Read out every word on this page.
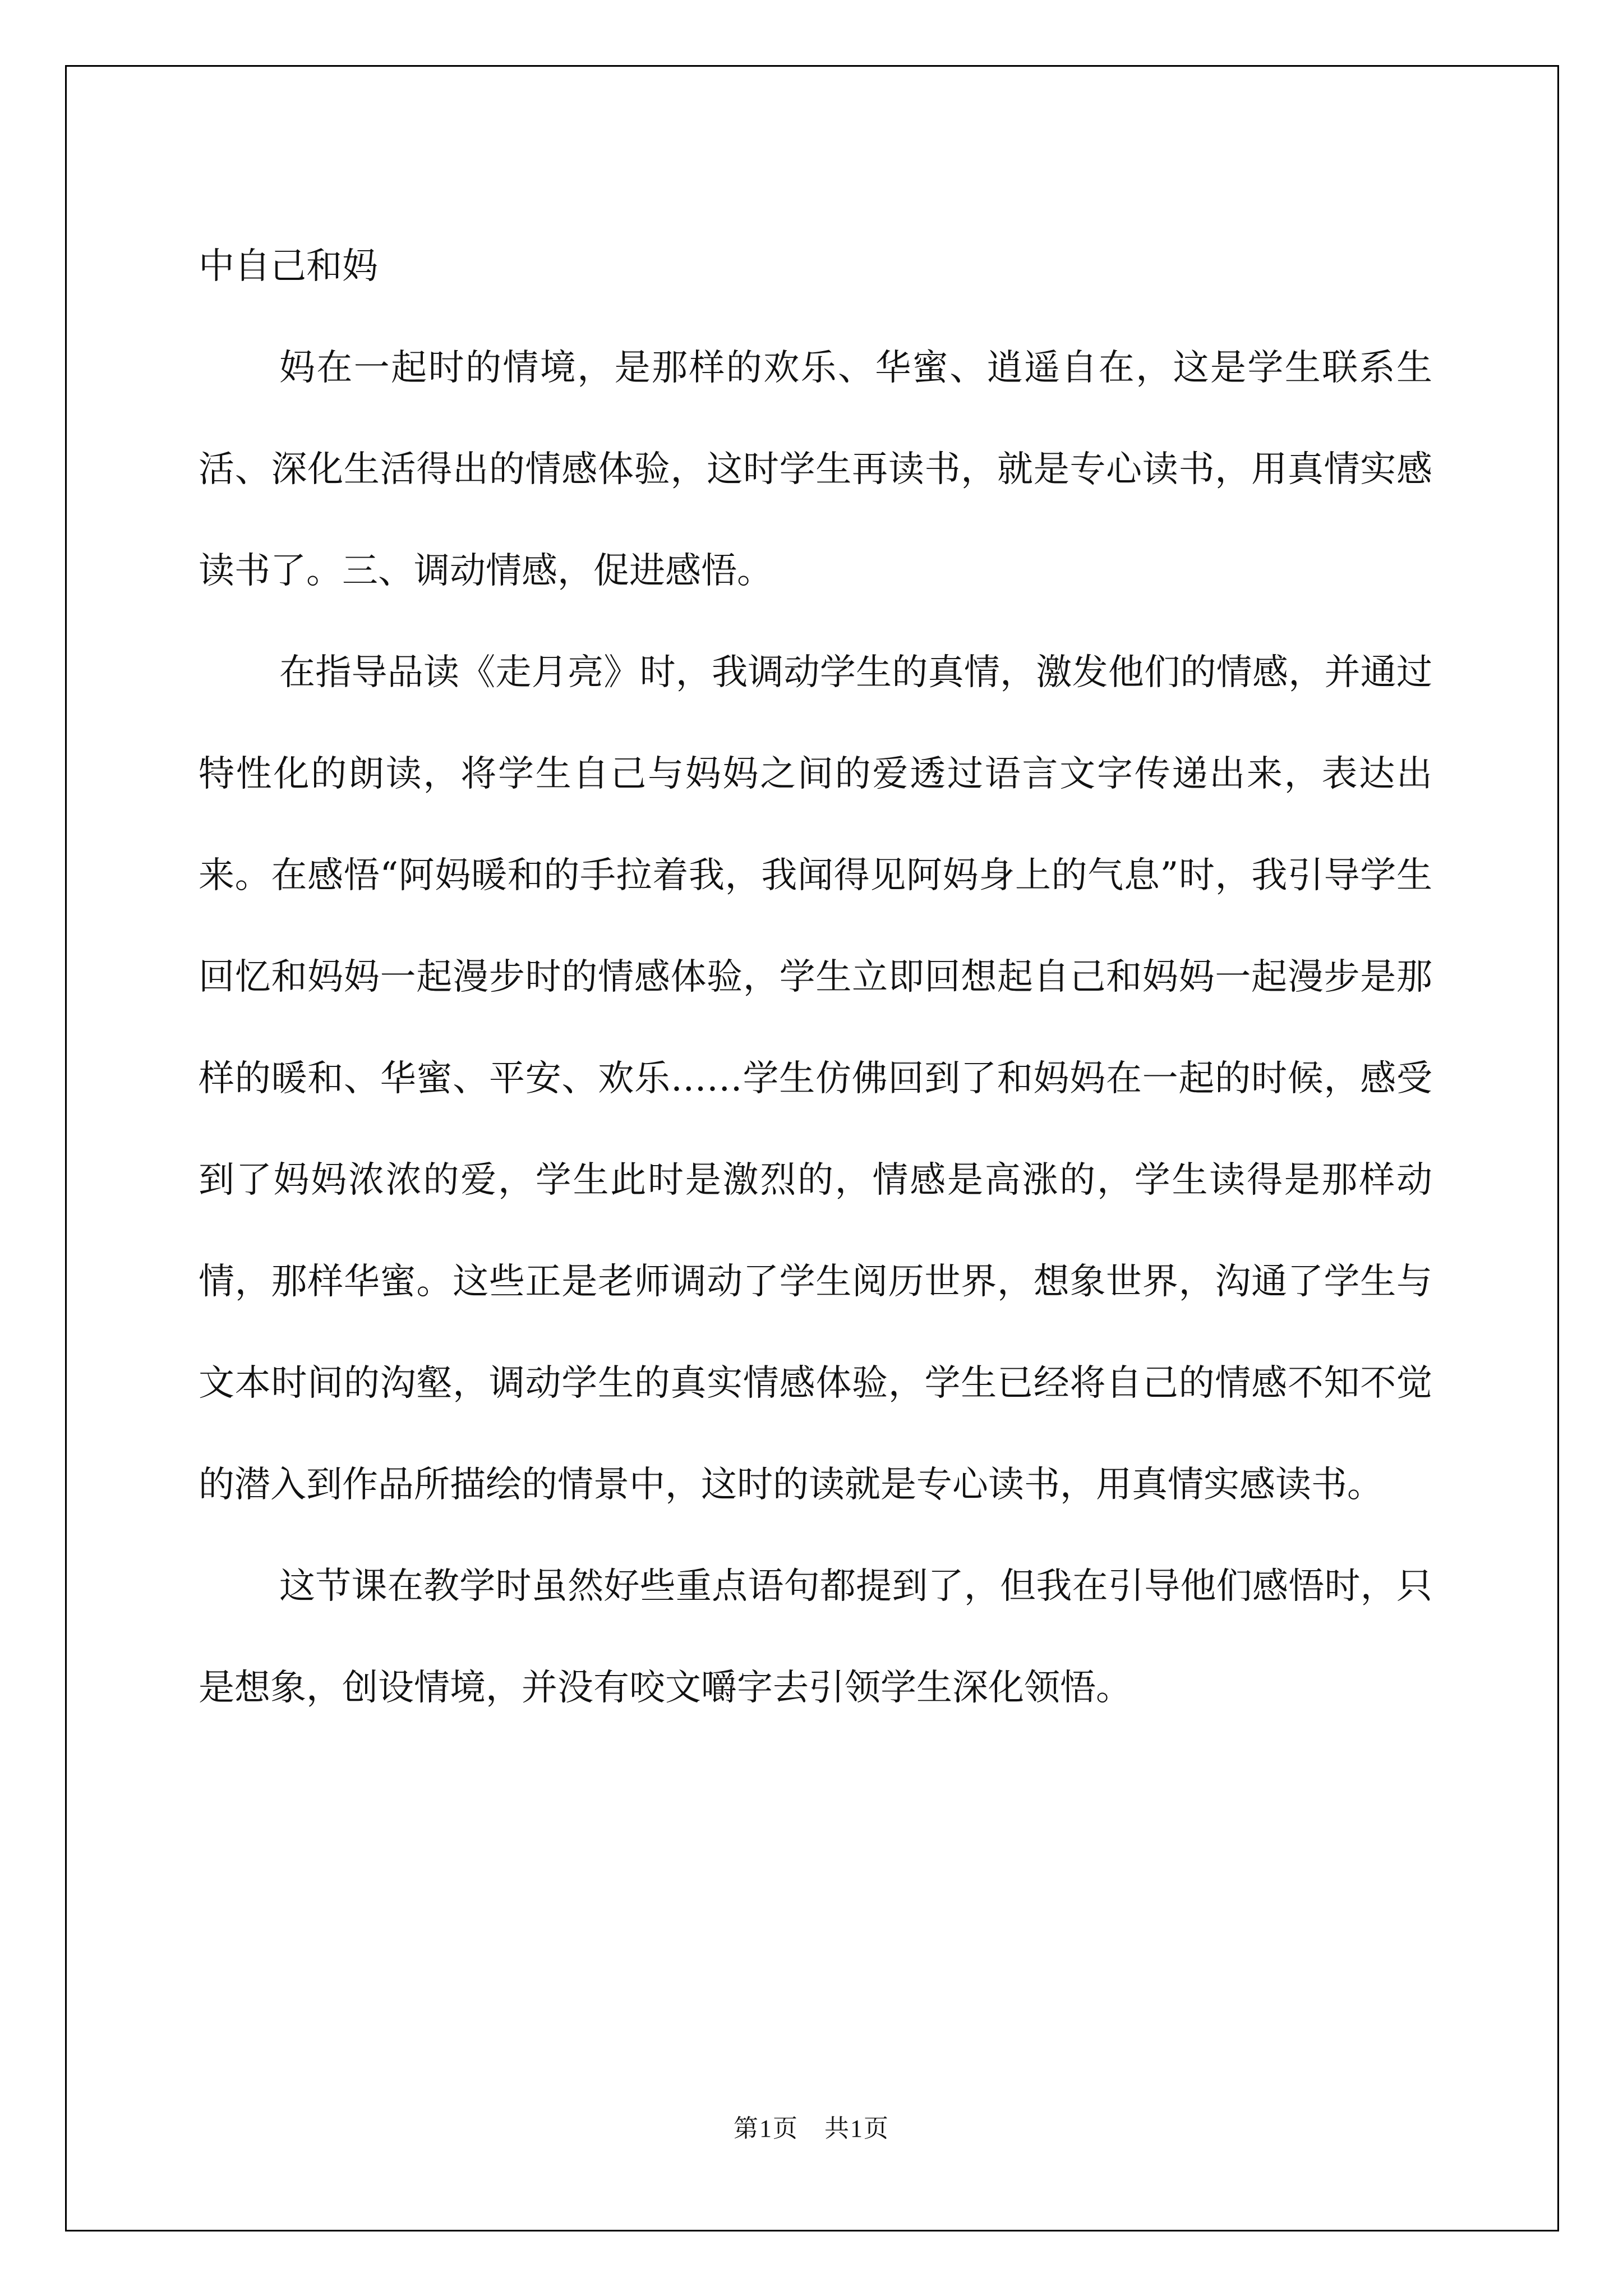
中自己和妈

妈在一起时的情境，是那样的欢乐、华蜜、逍遥自在，这是学生联系生活、深化生活得出的情感体验，这时学生再读书，就是专心读书，用真情实感读书了。三、调动情感，促进感悟。

在指导品读《走月亮》时，我调动学生的真情，激发他们的情感，并通过特性化的朗读，将学生自己与妈妈之间的爱透过语言文字传递出来，表达出来。在感悟“阿妈暖和的手拉着我，我闻得见阿妈身上的气息”时，我引导学生回忆和妈妈一起漫步时的情感体验，学生立即回想起自己和妈妈一起漫步是那样的暖和、华蜜、平安、欢乐……学生仿佛回到了和妈妈在一起的时候，感受到了妈妈浓浓的爱，学生此时是激烈的，情感是高涨的，学生读得是那样动情，那样华蜜。这些正是老师调动了学生阅历世界，想象世界，沟通了学生与文本时间的沟壑，调动学生的真实情感体验，学生已经将自己的情感不知不觉的潜入到作品所描绘的情景中，这时的读就是专心读书，用真情实感读书。

这节课在教学时虽然好些重点语句都提到了，但我在引导他们感悟时，只是想象，创设情境，并没有咬文嚼字去引领学生深化领悟。

第1页　共1页
